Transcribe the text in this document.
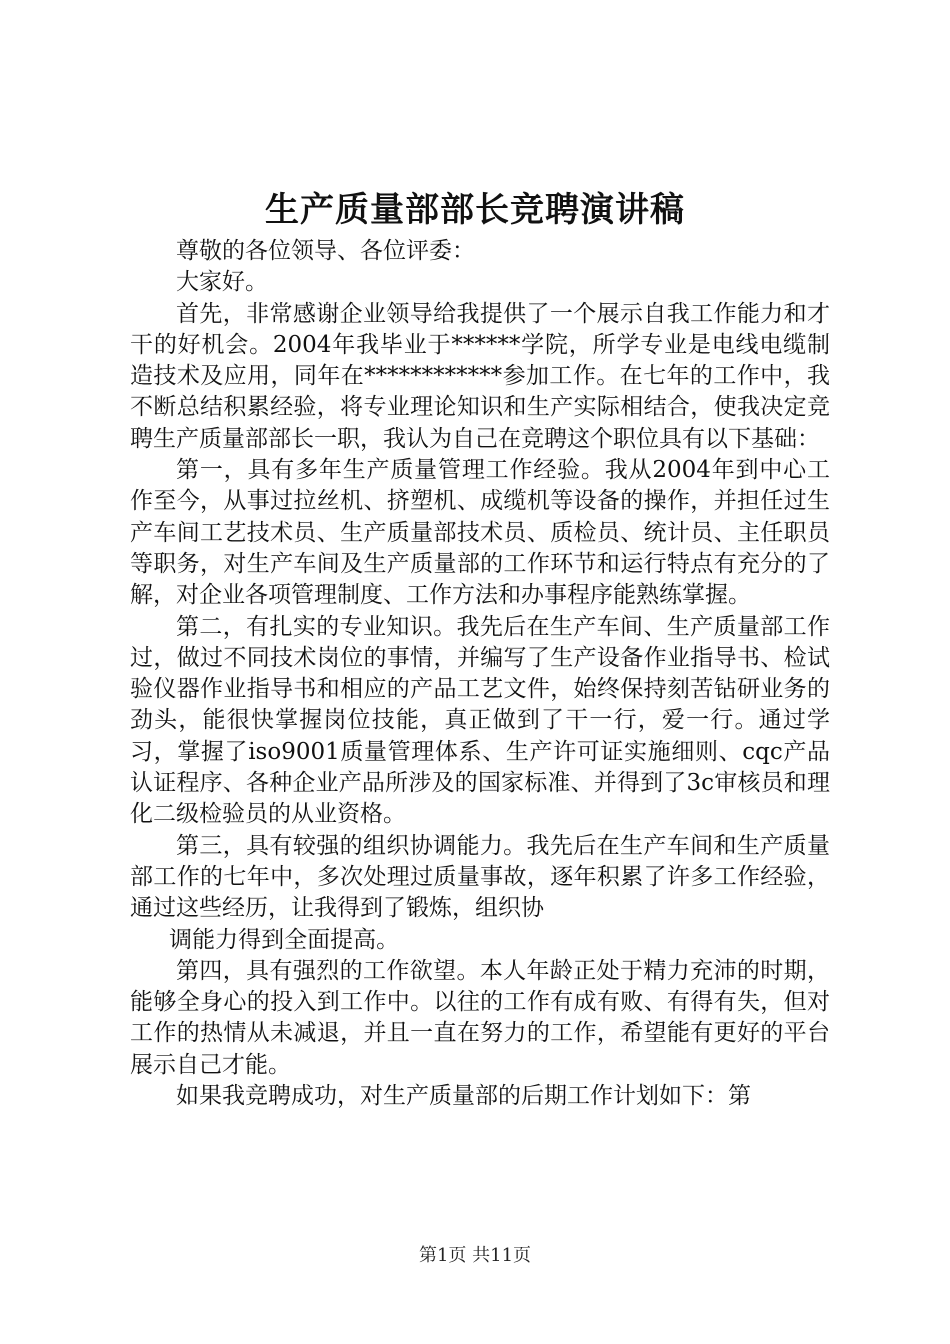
生产质量部部长竞聘演讲稿

尊敬的各位领导、各位评委：

大家好。

首先，非常感谢企业领导给我提供了一个展示自我工作能力和才干的好机会。2004年我毕业于******学院，所学专业是电线电缆制造技术及应用，同年在************参加工作。在七年的工作中，我不断总结积累经验，将专业理论知识和生产实际相结合，使我决定竞聘生产质量部部长一职，我认为自己在竞聘这个职位具有以下基础：

第一，具有多年生产质量管理工作经验。我从2004年到中心工作至今，从事过拉丝机、挤塑机、成缆机等设备的操作，并担任过生产车间工艺技术员、生产质量部技术员、质检员、统计员、主任职员等职务，对生产车间及生产质量部的工作环节和运行特点有充分的了解，对企业各项管理制度、工作方法和办事程序能熟练掌握。

第二，有扎实的专业知识。我先后在生产车间、生产质量部工作过，做过不同技术岗位的事情，并编写了生产设备作业指导书、检试验仪器作业指导书和相应的产品工艺文件，始终保持刻苦钻研业务的劲头，能很快掌握岗位技能，真正做到了干一行，爱一行。通过学习，掌握了iso9001质量管理体系、生产许可证实施细则、cqc产品认证程序、各种企业产品所涉及的国家标准、并得到了3c审核员和理化二级检验员的从业资格。

第三，具有较强的组织协调能力。我先后在生产车间和生产质量部工作的七年中，多次处理过质量事故，逐年积累了许多工作经验，通过这些经历，让我得到了锻炼，组织协

调能力得到全面提高。

第四，具有强烈的工作欲望。本人年龄正处于精力充沛的时期，能够全身心的投入到工作中。以往的工作有成有败、有得有失，但对工作的热情从未减退，并且一直在努力的工作，希望能有更好的平台展示自己才能。

如果我竞聘成功，对生产质量部的后期工作计划如下：第

第1页 共11页
